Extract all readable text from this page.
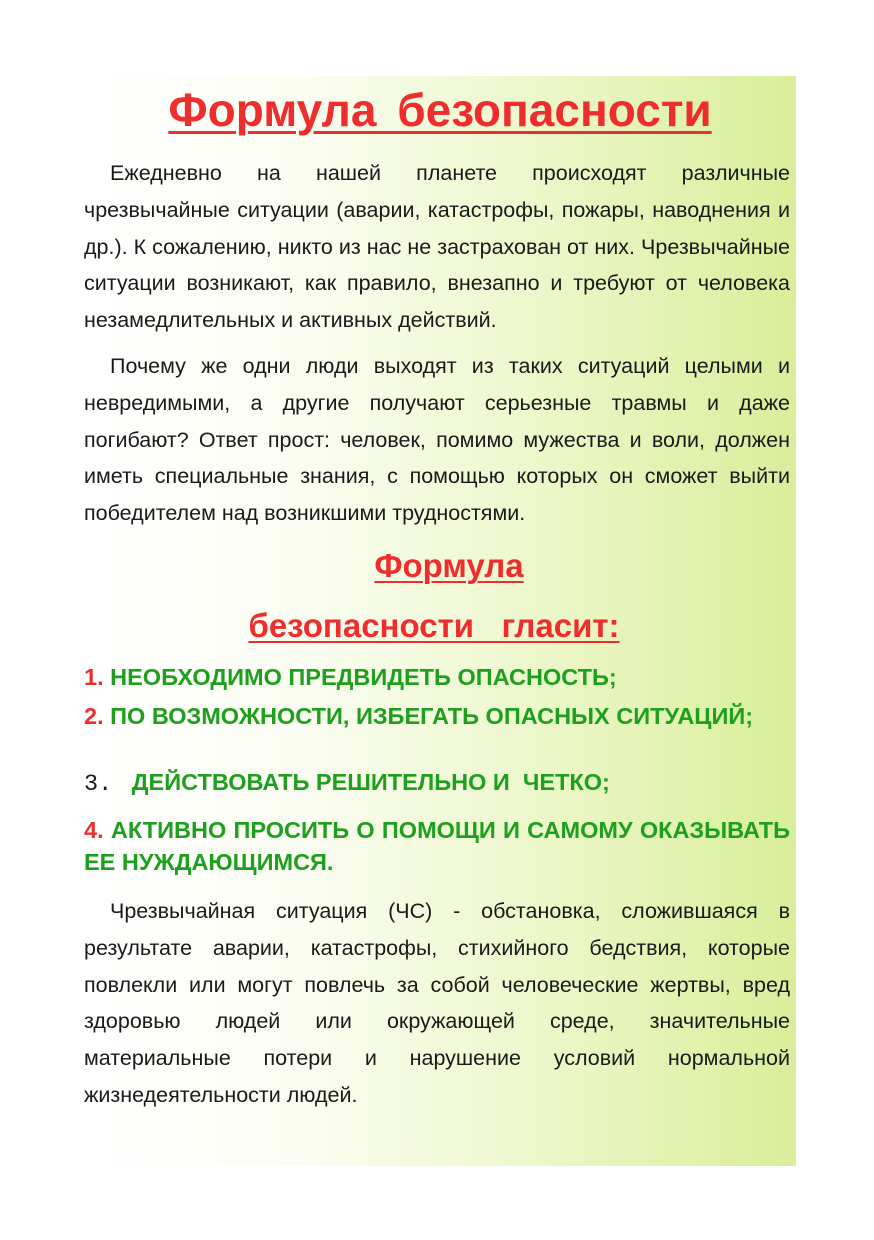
Формула безопасности

Ежедневно на нашей планете происходят различные чрезвычайные ситуации (аварии, катастрофы, пожары, наводнения и др.). К сожалению, никто из нас не застрахован от них. Чрезвычайные ситуации возникают, как правило, внезапно и требуют от человека незамедлительных и активных действий.

Почему же одни люди выходят из таких ситуаций целыми и невредимыми, а другие получают серьезные травмы и даже погибают? Ответ прост: человек, помимо мужества и воли, должен иметь специальные знания, с помощью которых он сможет выйти победителем над возникшими трудностями.

Формула
безопасности   гласит:

1. НЕОБХОДИМО ПРЕДВИДЕТЬ ОПАСНОСТЬ;

2. ПО ВОЗМОЖНОСТИ, ИЗБЕГАТЬ ОПАСНЫХ СИТУАЦИЙ;

3.   ДЕЙСТВОВАТЬ РЕШИТЕЛЬНО И  ЧЕТКО;

4. АКТИВНО ПРОСИТЬ О ПОМОЩИ И САМОМУ ОКАЗЫВАТЬ ЕЕ НУЖДАЮЩИМСЯ.

Чрезвычайная ситуация (ЧС) - обстановка, сложившаяся в результате аварии, катастрофы, стихийного бедствия, которые повлекли или могут повлечь за собой человеческие жертвы, вред здоровью людей или окружающей среде, значительные материальные потери и нарушение условий нормальной жизнедеятельности людей.
